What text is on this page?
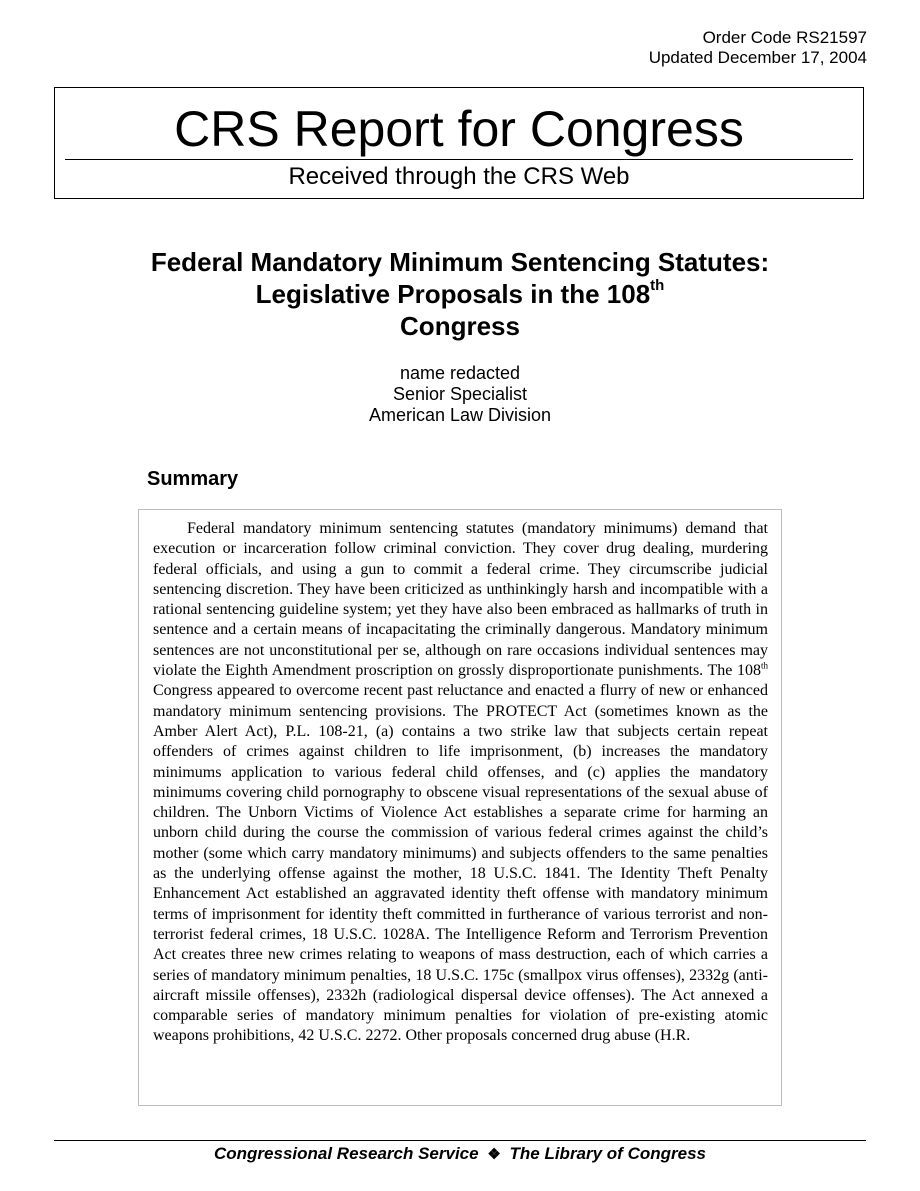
Order Code RS21597
Updated December 17, 2004
CRS Report for Congress
Received through the CRS Web
Federal Mandatory Minimum Sentencing Statutes: Legislative Proposals in the 108th
Congress
name redacted
Senior Specialist
American Law Division
Summary

Federal mandatory minimum sentencing statutes (mandatory minimums) demand that execution or incarceration follow criminal conviction. They cover drug dealing, murdering federal officials, and using a gun to commit a federal crime. They circumscribe judicial sentencing discretion. They have been criticized as unthinkingly harsh and incompatible with a rational sentencing guideline system; yet they have also been embraced as hallmarks of truth in sentence and a certain means of incapacitating the criminally dangerous. Mandatory minimum sentences are not unconstitutional per se, although on rare occasions individual sentences may violate the Eighth Amendment proscription on grossly disproportionate punishments. The 108th Congress appeared to overcome recent past reluctance and enacted a flurry of new or enhanced mandatory minimum sentencing provisions. The PROTECT Act (sometimes known as the Amber Alert Act), P.L. 108-21, (a) contains a two strike law that subjects certain repeat offenders of crimes against children to life imprisonment, (b) increases the mandatory minimums application to various federal child offenses, and (c) applies the mandatory minimums covering child pornography to obscene visual representations of the sexual abuse of children. The Unborn Victims of Violence Act establishes a separate crime for harming an unborn child during the course the commission of various federal crimes against the child’s mother (some which carry mandatory minimums) and subjects offenders to the same penalties as the underlying offense against the mother, 18 U.S.C. 1841. The Identity Theft Penalty Enhancement Act established an aggravated identity theft offense with mandatory minimum terms of imprisonment for identity theft committed in furtherance of various terrorist and non-terrorist federal crimes, 18 U.S.C. 1028A. The Intelligence Reform and Terrorism Prevention Act creates three new crimes relating to weapons of mass destruction, each of which carries a series of mandatory minimum penalties, 18 U.S.C. 175c (smallpox virus offenses), 2332g (anti-aircraft missile offenses), 2332h (radiological dispersal device offenses). The Act annexed a comparable series of mandatory minimum penalties for violation of pre-existing atomic weapons prohibitions, 42 U.S.C. 2272. Other proposals concerned drug abuse (H.R.

Congressional Research Service ❖ The Library of Congress
